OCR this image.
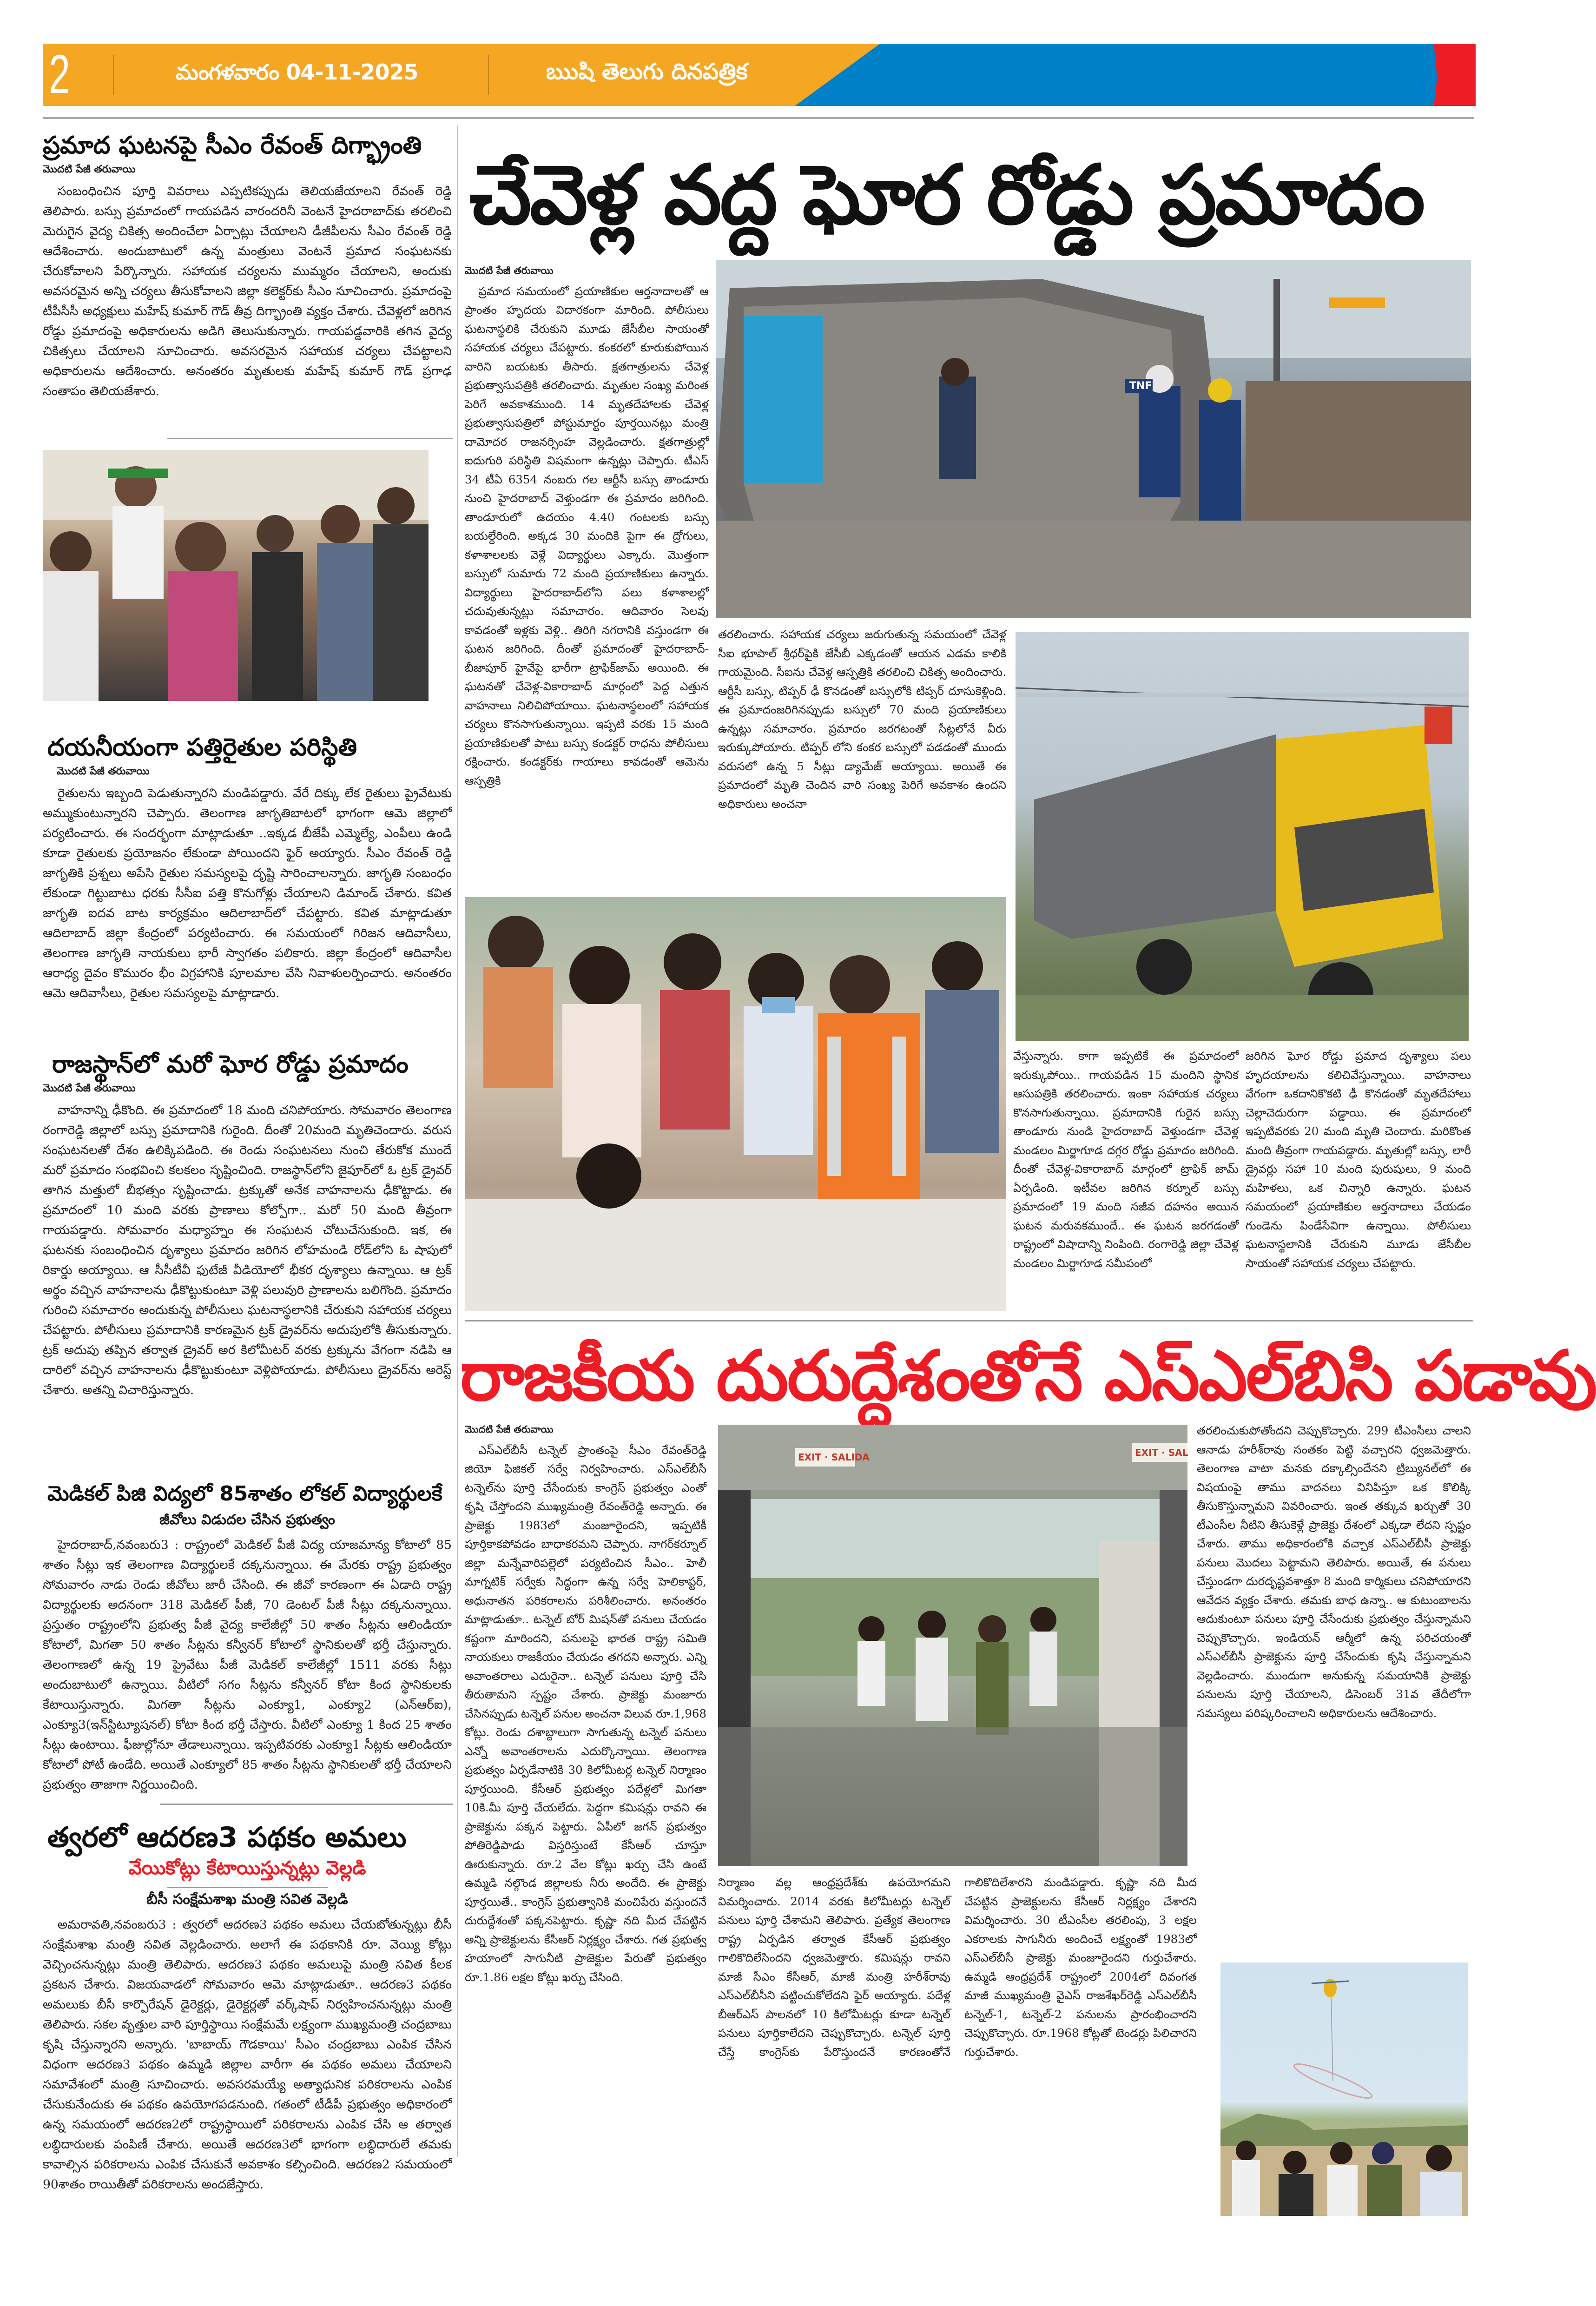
2	మంగళవారం 04-11-2025	ఋషి తెలుగు దినపత్రిక
ప్రమాద ఘటనపై సీఎం రేవంత్ దిగ్భ్రాంతి
మొదటి పేజీ తరువాయి

సంబంధించిన పూర్తి వివరాలు ఎప్పటికప్పుడు తెలియజేయాలని రేవంత్ రెడ్డి తెలిపారు. బస్సు ప్రమాదంలో గాయపడిన వారందరినీ వెంటనే హైదరాబాద్‌కు తరలించి మెరుగైన వైద్య చికిత్స అందించేలా ఏర్పాట్లు చేయాలని డీజీపీలను సీఎం రేవంత్ రెడ్డి ఆదేశించారు. అందుబాటులో ఉన్న మంత్రులు వెంటనే ప్రమాద సంఘటనకు చేరుకోవాలని పేర్కొన్నారు. సహాయక చర్యలను ముమ్మరం చేయాలని, అందుకు అవసరమైన అన్ని చర్యలు తీసుకోవాలని జిల్లా కలెక్టర్‌కు సీఎం సూచించారు. ప్రమాదంపై టీపీసీసీ అధ్యక్షులు మహేష్ కుమార్ గౌడ్ తీవ్ర దిగ్భ్రాంతి వ్యక్తం చేశారు. చేవెళ్లలో జరిగిన రోడ్డు ప్రమాదంపై అధికారులను అడిగి తెలుసుకున్నారు. గాయపడ్డవారికి తగిన వైద్య చికిత్సలు చేయాలని సూచించారు. అవసరమైన సహాయక చర్యలు చేపట్టాలని అధికారులను ఆదేశించారు. అనంతరం మృతులకు మహేష్ కుమార్ గౌడ్ ప్రగాఢ సంతాపం తెలియజేశారు.

దయనీయంగా పత్తిరైతుల పరిస్థితి
మొదటి పేజీ తరువాయి

రైతులను ఇబ్బంది పెడుతున్నారని మండిపడ్డారు. వేరే దిక్కు లేక రైతులు ప్రైవేటుకు అమ్ముకుంటున్నారని చెప్పారు. తెలంగాణ జాగృతిబాటలో భాగంగా ఆమె జిల్లాలో పర్యటించారు. ఈ సందర్భంగా మాట్లాడుతూ ..ఇక్కడ బీజేపీ ఎమ్మెల్యే, ఎంపీలు ఉండి కూడా రైతులకు ప్రయోజనం లేకుండా పోయిందని ఫైర్ అయ్యారు. సీఎం రేవంత్ రెడ్డి జాగృతికి ప్రశ్నలు అపేసి రైతుల సమస్యలపై దృష్టి సారించాలన్నారు. జాగృతి సంబంధం లేకుండా గిట్టుబాటు ధరకు సీసీఐ పత్తి కొనుగోళ్లు చేయాలని డిమాండ్ చేశారు. కవిత జాగృతి ఐదవ బాట కార్యక్రమం ఆదిలాబాద్‌లో చేపట్టారు. కవిత మాట్లాడుతూ ఆదిలాబాద్ జిల్లా కేంద్రంలో పర్యటించారు. ఈ సమయంలో గిరిజన ఆదివాసీలు, తెలంగాణ జాగృతి నాయకులు భారీ స్వాగతం పలికారు. జిల్లా కేంద్రంలో ఆదివాసీల ఆరాధ్య దైవం కొమురం భీం విగ్రహానికి పూలమాల వేసి నివాళులర్పించారు. అనంతరం ఆమె ఆదివాసీలు, రైతుల సమస్యలపై మాట్లాడారు.

రాజస్థాన్‌లో మరో ఘోర రోడ్డు ప్రమాదం
మొదటి పేజీ తరువాయి

వాహనాన్ని ఢీకొంది. ఈ ప్రమాదంలో 18 మంది చనిపోయారు. సోమవారం తెలంగాణ రంగారెడ్డి జిల్లాలో బస్సు ప్రమాదానికి గురైంది. దీంతో 20మంది మృతిచెందారు. వరుస సంఘటనలతో దేశం ఉలిక్కిపడింది. ఈ రెండు సంఘటనలు నుంచి తేరుకోక ముందే మరో ప్రమాదం సంభవించి కలకలం సృష్టించింది. రాజస్థాన్‌లోని జైపూర్‌లో ఓ ట్రక్ డ్రైవర్ తాగిన మత్తులో బీభత్సం సృష్టించాడు. ట్రక్కుతో అనేక వాహనాలను ఢీకొట్టాడు. ఈ ప్రమాదంలో 10 మంది వరకు ప్రాణాలు కోల్పోగా.. మరో 50 మంది తీవ్రంగా గాయపడ్డారు. సోమవారం మధ్యాహ్నం ఈ సంఘటన చోటుచేసుకుంది. ఇక, ఈ ఘటనకు సంబంధించిన దృశ్యాలు ప్రమాదం జరిగిన లోహమండి రోడ్‌లోని ఓ షాపులో రికార్డు అయ్యాయి. ఆ సీసీటీవీ ఫుటేజీ వీడియోలో భీకర దృశ్యాలు ఉన్నాయి. ఆ ట్రక్ అర్థం వచ్చిన వాహనాలను ఢీకొట్టుకుంటూ వెళ్లి పలువురి ప్రాణాలను బలిగొంది. ప్రమాదం గురించి సమాచారం అందుకున్న పోలీసులు ఘటనాస్థలానికి చేరుకుని సహాయక చర్యలు చేపట్టారు. పోలీసులు ప్రమాదానికి కారణమైన ట్రక్ డ్రైవర్‌ను అదుపులోకి తీసుకున్నారు. ట్రక్ అదుపు తప్పిన తర్వాత డ్రైవర్ అర కిలోమీటర్ వరకు ట్రక్కును వేగంగా నడిపి ఆ దారిలో వచ్చిన వాహనాలను ఢీకొట్టుకుంటూ వెళ్లిపోయాడు. పోలీసులు డ్రైవర్‌ను అరెస్ట్ చేశారు. అతన్ని విచారిస్తున్నారు.

మెడికల్ పిజి విద్యలో 85శాతం లోకల్ విద్యార్థులకే
జీవోలు విడుదల చేసిన ప్రభుత్వం

హైదరాబాద్,నవంబరు3 : రాష్ట్రంలో మెడికల్ పీజీ విద్య యాజమాన్య కోటాలో 85 శాతం సీట్లు ఇక తెలంగాణ విద్యార్థులకే దక్కనున్నాయి. ఈ మేరకు రాష్ట్ర ప్రభుత్వం సోమవారం నాడు రెండు జీవోలు జారీ చేసింది. ఈ జీవో కారణంగా ఈ ఏడాది రాష్ట్ర విద్యార్థులకు అదనంగా 318 మెడికల్ పీజీ, 70 డెంటల్ పీజీ సీట్లు దక్కనున్నాయి. ప్రస్తుతం రాష్ట్రంలోని ప్రభుత్వ పీజీ వైద్య కాలేజీల్లో 50 శాతం సీట్లను ఆలిండియా కోటాలో, మిగతా 50 శాతం సీట్లను కన్వీనర్ కోటాలో స్థానికులతో భర్తీ చేస్తున్నారు. తెలంగాణలో ఉన్న 19 ప్రైవేటు పీజీ మెడికల్ కాలేజీల్లో 1511 వరకు సీట్లు అందుబాటులో ఉన్నాయి. వీటిలో సగం సీట్లను కన్వీనర్ కోటా కింద స్థానికులకు కేటాయిస్తున్నారు. మిగతా సీట్లను ఎంక్యూ1, ఎంక్యూ2 (ఎన్ఆర్ఐ), ఎంక్యూ3(ఇన్‌స్టిట్యూషనల్) కోటా కింద భర్తీ చేస్తారు. వీటిలో ఎంక్యూ 1 కింద 25 శాతం సీట్లు ఉంటాయి. ఫీజుల్లోనూ తేడాలున్నాయి. ఇప్పటివరకు ఎంక్యూ1 సీట్లకు ఆలిండియా కోటాలో పోటీ ఉండేది. అయితే ఎంక్యూలో 85 శాతం సీట్లను స్థానికులతో భర్తీ చేయాలని ప్రభుత్వం తాజాగా నిర్ణయించింది.

త్వరలో ఆదరణ3 పథకం అమలు
వేయికోట్లు కేటాయిస్తున్నట్లు వెల్లడి
బీసీ సంక్షేమశాఖ మంత్రి సవిత వెల్లడి

అమరావతి,నవంబరు3 : త్వరలో ఆదరణ3 పథకం అమలు చేయబోతున్నట్లు బీసీ సంక్షేమశాఖ మంత్రి సవిత వెల్లడించారు. అలాగే ఈ పథకానికి రూ. వెయ్యి కోట్లు వెచ్చించనున్నట్లు మంత్రి తెలిపారు. ఆదరణ3 పథకం అమలుపై మంత్రి సవిత కీలక ప్రకటన చేశారు. విజయవాడలో సోమవారం ఆమె మాట్లాడుతూ.. ఆదరణ3 పథకం అమలుకు బీసీ కార్పొరేషన్ డైరెక్టర్లు, డైరెక్టర్లతో వర్క్‌షాప్ నిర్వహించనున్నట్లు మంత్రి తెలిపారు. సకల వృత్తుల వారి పూర్తిస్థాయి సంక్షేమమే లక్ష్యంగా ముఖ్యమంత్రి చంద్రబాబు కృషి చేస్తున్నారని అన్నారు. 'బాబాయ్ గౌడకాయి' సీఎం చంద్రబాబు ఎంపిక చేసిన విధంగా ఆదరణ3 పథకం ఉమ్మడి జిల్లాల వారీగా ఈ పథకం అమలు చేయాలని సమావేశంలో మంత్రి సూచించారు. అవసరమయ్యే అత్యాధునిక పరికరాలను ఎంపిక చేసుకునేందుకు ఈ పథకం ఉపయోగపడనుంది. గతంలో టీడీపీ ప్రభుత్వం అధికారంలో ఉన్న సమయంలో ఆదరణ2లో రాష్ట్రస్థాయిలో పరికరాలను ఎంపిక చేసి ఆ తర్వాత లబ్ధిదారులకు పంపిణీ చేశారు. అయితే ఆదరణ3లో భాగంగా లబ్ధిదారులే తమకు కావాల్సిన పరికరాలను ఎంపిక చేసుకునే అవకాశం కల్పించింది. ఆదరణ2 సమయంలో 90శాతం రాయితీతో పరికరాలను అందజేస్తారు.

చేవెళ్ల వద్ద ఘోర రోడ్డు ప్రమాదం
మొదటి పేజీ తరువాయి

ప్రమాద సమయంలో ప్రయాణికుల ఆర్తనాదాలతో ఆ ప్రాంతం హృదయ విదారకంగా మారింది. పోలీసులు ఘటనాస్థలికి చేరుకుని మూడు జేసీబీల సాయంతో సహాయక చర్యలు చేపట్టారు. కంకరలో కూరుకుపోయిన వారిని బయటకు తీసారు. క్షతగాత్రులను చేవెళ్ల ప్రభుత్వాసుపత్రికి తరలించారు. మృతుల సంఖ్య మరింత పెరిగే అవకాశముంది. 14 మృతదేహాలకు చేవెళ్ల ప్రభుత్వాసుపత్రిలో పోస్టుమార్టం పూర్తయినట్లు మంత్రి దామోదర రాజనర్సింహ వెల్లడించారు. క్షతగాత్రుల్లో ఐదుగురి పరిస్థితి విషమంగా ఉన్నట్లు చెప్పారు. టీఎస్ 34 టీఏ 6354 నంబరు గల ఆర్టీసీ బస్సు తాండూరు నుంచి హైదరాబాద్ వెళ్తుండగా ఈ ప్రమాదం జరిగింది. తాండూరులో ఉదయం 4.40 గంటలకు బస్సు బయల్దేరింది. అక్కడ 30 మందికి పైగా ఈ ద్రోగులు, కళాశాలలకు వెళ్లే విద్యార్థులు ఎక్కారు. మొత్తంగా బస్సులో సుమారు 72 మంది ప్రయాణికులు ఉన్నారు. విద్యార్థులు హైదరాబాద్‌లోని పలు కళాశాలల్లో చదువుతున్నట్లు సమాచారం. ఆదివారం సెలవు కావడంతో ఇళ్లకు వెళ్లి.. తిరిగి నగరానికి వస్తుండగా ఈ ఘటన జరిగింది. దీంతో ప్రమాదంతో హైదరాబాద్-బీజాపూర్ హైవేపై భారీగా ట్రాఫిక్‌జామ్ అయింది. ఈ ఘటనతో చేవెళ్ల-వికారాబాద్ మార్గంలో పెద్ద ఎత్తున వాహనాలు నిలిచిపోయాయి. ఘటనాస్థలంలో సహాయక చర్యలు కొనసాగుతున్నాయి. ఇప్పటి వరకు 15 మంది ప్రయాణికులతో పాటు బస్సు కండక్టర్ రాధను పోలీసులు రక్షించారు. కండక్టర్‌కు గాయాలు కావడంతో ఆమెను ఆస్పత్రికి

TNF

తరలించారు. సహాయక చర్యలు జరుగుతున్న సమయంలో చేవెళ్ల సీఐ భూపాల్ శ్రీధర్‌పైకి జేసీబీ ఎక్కడంతో ఆయన ఎడమ కాలికి గాయమైంది. సీఐను చేవెళ్ల ఆస్పత్రికి తరలించి చికిత్స అందించారు. ఆర్టీసీ బస్సు, టిప్పర్ ఢీ కొనడంతో బస్సులోకి టిప్పర్ దూసుకెళ్లింది. ఈ ప్రమాదంజరిగినప్పుడు బస్సులో 70 మంది ప్రయాణికులు ఉన్నట్లు సమాచారం. ప్రమాదం జరగటంతో సీట్లలోనే వీరు ఇరుక్కుపోయారు. టిప్పర్ లోని కంకర బస్సులో పడడంతో ముందు వరుసలో ఉన్న 5 సీట్లు డ్యామేజ్ అయ్యాయి. అయితే ఈ ప్రమాదంలో మృతి చెందిన వారి సంఖ్య పెరిగే అవకాశం ఉందని అధికారులు అంచనా

వేస్తున్నారు. కాగా ఇప్పటికే ఈ ప్రమాదంలో ఇరుక్కుపోయి.. గాయపడిన 15 మందిని స్థానిక ఆసుపత్రికి తరలించారు. ఇంకా సహాయక చర్యలు కొనసాగుతున్నాయి. ప్రమాదానికి గురైన బస్సు తాండూరు నుండి హైదరాబాద్ వెళ్తుండగా చేవెళ్ల మండలం మిర్జాగూడ దగ్గర రోడ్డు ప్రమాదం జరిగింది. దీంతో చేవెళ్ల-వికారాబాద్ మార్గంలో ట్రాఫిక్ జామ్ ఏర్పడింది. ఇటీవల జరిగిన కర్నూల్ బస్సు ప్రమాదంలో 19 మంది సజీవ దహనం అయిన ఘటన మరువకముందే.. ఈ ఘటన జరగడంతో రాష్ట్రంలో విషాదాన్ని నింపింది. రంగారెడ్డి జిల్లా చేవెళ్ల మండలం మిర్జాగూడ సమీపంలో

జరిగిన ఘోర రోడ్డు ప్రమాద దృశ్యాలు పలు హృదయాలను కలిచివేస్తున్నాయి. వాహనాలు వేగంగా ఒకదానికొకటి ఢీ కొనడంతో మృతదేహాలు చెల్లాచెదురుగా పడ్డాయి. ఈ ప్రమాదంలో ఇప్పటివరకు 20 మంది మృతి చెందారు. మరికొంత మంది తీవ్రంగా గాయపడ్డారు. మృతుల్లో బస్సు, లారీ డ్రైవర్లు సహా 10 మంది పురుషులు, 9 మంది మహిళలు, ఒక చిన్నారి ఉన్నారు. ఘటన సమయంలో ప్రయాణికుల ఆర్తనాదాలు చేయడం గుండెను పిండేసేవిగా ఉన్నాయి. పోలీసులు ఘటనాస్థలానికి చేరుకుని మూడు జేసీబీల సాయంతో సహాయక చర్యలు చేపట్టారు.

రాజకీయ దురుద్దేశంతోనే ఎస్ఎల్‌బిసి పడావు
మొదటి పేజీ తరువాయి

ఎస్ఎల్‌బీసీ టన్నెల్ ప్రాంతంపై సీఎం రేవంత్‌రెడ్డి జియో ఫిజికల్ సర్వే నిర్వహించారు. ఎస్ఎల్‌బీసీ టన్నెల్‌ను పూర్తి చేసేందుకు కాంగ్రెస్ ప్రభుత్వం ఎంతో కృషి చేస్తోందని ముఖ్యమంత్రి రేవంత్‌రెడ్డి అన్నారు. ఈ ప్రాజెక్టు 1983లో మంజూరైందని, ఇప్పటికీ పూర్తికాకపోవడం బాధాకరమని చెప్పారు. నాగర్‌కర్నూల్ జిల్లా మన్నేవారిపల్లెలో పర్యటించిన సీఎం.. హెలీ మాగ్నటిక్ సర్వేకు సిద్ధంగా ఉన్న సర్వే హెలికాప్టర్, అధునాతన పరికరాలను పరిశీలించారు. అనంతరం మాట్లాడుతూ.. టన్నెల్ బోర్ మిషన్‌తో పనులు చేయడం కష్టంగా మారిందని, పనులపై భారత రాష్ట్ర సమితి నాయకులు రాజకీయం చేయడం తగదని అన్నారు. ఎన్ని అవాంతరాలు ఎదురైనా.. టన్నెల్ పనులు పూర్తి చేసి తీరుతామని స్పష్టం చేశారు. ప్రాజెక్టు మంజూరు చేసినప్పుడు టన్నెల్ పనుల అంచనా విలువ రూ.1,968 కోట్లు. రెండు దశాబ్దాలుగా సాగుతున్న టన్నెల్ పనులు ఎన్నో అవాంతరాలను ఎదుర్కొన్నాయి. తెలంగాణ ప్రభుత్వం ఏర్పడేనాటికి 30 కిలోమీటర్ల టన్నెల్ నిర్మాణం పూర్తయింది. కేసీఆర్ ప్రభుత్వం పదేళ్లలో మిగతా 10కి.మీ పూర్తి చేయలేదు. పెద్దగా కమిషన్లు రావని ఈ ప్రాజెక్టును పక్కన పెట్టారు. ఏపీలో జగన్ ప్రభుత్వం పోతిరెడ్డిపాడు విస్తరిస్తుంటే కేసీఆర్ చూస్తూ ఊరుకున్నారు. రూ.2 వేల కోట్లు ఖర్చు చేసి ఉంటే ఉమ్మడి నల్గొండ జిల్లాలకు నీరు అందేది. ఈ ప్రాజెక్టు పూర్తయితే.. కాంగ్రెస్ ప్రభుత్వానికి మంచిపేరు వస్తుందనే దురుద్దేశంతో పక్కనపెట్టారు. కృష్ణా నది మీద చేపట్టిన అన్ని ప్రాజెక్టులను కేసీఆర్ నిర్లక్ష్యం చేశారు. గత ప్రభుత్వ హయాంలో సాగునీటి ప్రాజెక్టుల పేరుతో ప్రభుత్వం రూ.1.86 లక్షల కోట్లు ఖర్చు చేసింది.

EXIT · SALIDA	EXIT · SAL

తరలించుకుపోతోందని చెప్పుకొచ్చారు. 299 టీఎంసీలు చాలని ఆనాడు హరీశ్‌రావు సంతకం పెట్టి వచ్చారని ధ్వజమెత్తారు. తెలంగాణ వాటా మనకు దక్కాల్సిందేనని ట్రిబ్యునల్‌లో ఈ విషయంపై తాము వాదనలు వినిపిస్తూ ఒక కొలిక్కి తీసుకొస్తున్నామని వివరించారు. ఇంత తక్కువ ఖర్చుతో 30 టీఎంసీల నీటిని తీసుకెళ్లే ప్రాజెక్టు దేశంలో ఎక్కడా లేదని స్పష్టం చేశారు. తాము అధికారంలోకి వచ్చాక ఎస్ఎల్‌బీసీ ప్రాజెక్టు పనులు మొదలు పెట్టామని తెలిపారు. అయితే, ఈ పనులు చేస్తుండగా దురదృష్టవశాత్తూ 8 మంది కార్మికులు చనిపోయారని ఆవేదన వ్యక్తం చేశారు. తమకు బాధ ఉన్నా.. ఆ కుటుంబాలను ఆదుకుంటూ పనులు పూర్తి చేసేందుకు ప్రభుత్వం చేస్తున్నామని చెప్పుకొచ్చారు. ఇండియన్ ఆర్మీలో ఉన్న పరిచయంతో ఎస్ఎల్‌బీసీ ప్రాజెక్టును పూర్తి చేసేందుకు కృషి చేస్తున్నామని వెల్లడించారు. ముందుగా అనుకున్న సమయానికి ప్రాజెక్టు పనులను పూర్తి చేయాలని, డిసెంబర్ 31వ తేదీలోగా సమస్యలు పరిష్కరించాలని అధికారులను ఆదేశించారు.

నిర్మాణం వల్ల ఆంధ్రప్రదేశ్‌కు ఉపయోగమని విమర్శించారు. 2014 వరకు కిలోమీటర్లు టన్నెల్ పనులు పూర్తి చేశామని తెలిపారు. ప్రత్యేక తెలంగాణ రాష్ట్ర ఏర్పడిన తర్వాత కేసీఆర్ ప్రభుత్వం గాలికొదిలేసిందని ధ్వజమెత్తారు. కమిషన్లు రావని మాజీ సీఎం కేసీఆర్, మాజీ మంత్రి హరీశ్‌రావు ఎస్ఎల్‌బీసీని పట్టించుకోలేదని ఫైర్ అయ్యారు. పదేళ్ల బీఆర్ఎస్ పాలనలో 10 కిలోమీటర్లు కూడా టన్నెల్ పనులు పూర్తికాలేదని చెప్పుకొచ్చారు. టన్నెల్ పూర్తి చేస్తే కాంగ్రెస్‌కు పేరొస్తుందనే కారణంతోనే గాలికొదిలేశారని మండిపడ్డారు. కృష్ణా నది మీద చేపట్టిన ప్రాజెక్టులను కేసీఆర్ నిర్లక్ష్యం చేశారని విమర్శించారు. 30 టీఎంసీల తరలింపు, 3 లక్షల ఎకరాలకు సాగునీరు అందించే లక్ష్యంతో 1983లో ఎస్ఎల్‌బీసీ ప్రాజెక్టు మంజూరైందని గుర్తుచేశారు. ఉమ్మడి ఆంధ్రప్రదేశ్ రాష్ట్రంలో 2004లో దివంగత మాజీ ముఖ్యమంత్రి వైఎస్ రాజశేఖర్‌రెడ్డి ఎస్ఎల్‌బీసీ టన్నెల్-1, టన్నెల్-2 పనులను ప్రారంభించారని చెప్పుకొచ్చారు. రూ.1968 కోట్లతో టెండర్లు పిలిచారని గుర్తుచేశారు.
